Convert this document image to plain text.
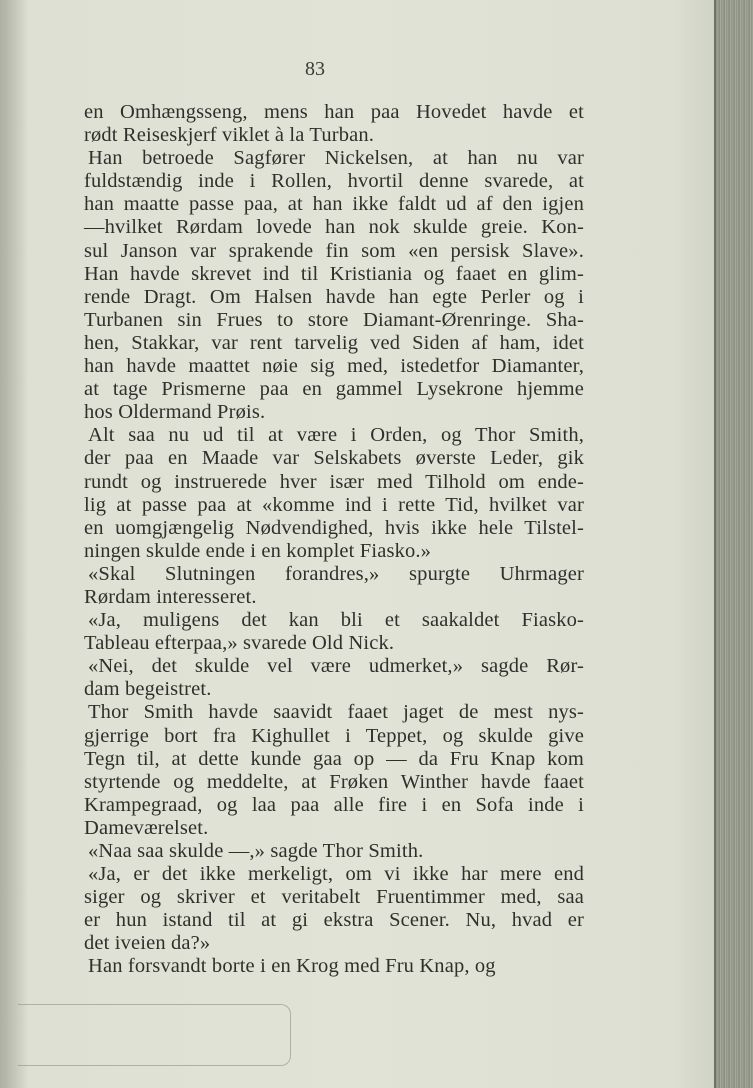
83

en Omhængsseng, mens han paa Hovedet havde et
rødt Reiseskjerf viklet à la Turban.

Han betroede Sagfører Nickelsen, at han nu var
fuldstændig inde i Rollen, hvortil denne svarede, at
han maatte passe paa, at han ikke faldt ud af den igjen
—hvilket Rørdam lovede han nok skulde greie. Kon-
sul Janson var sprakende fin som «en persisk Slave».
Han havde skrevet ind til Kristiania og faaet en glim-
rende Dragt. Om Halsen havde han egte Perler og i
Turbanen sin Frues to store Diamant-Ørenringe. Sha-
hen, Stakkar, var rent tarvelig ved Siden af ham, idet
han havde maattet nøie sig med, istedetfor Diamanter,
at tage Prismerne paa en gammel Lysekrone hjemme
hos Oldermand Prøis.

Alt saa nu ud til at være i Orden, og Thor Smith,
der paa en Maade var Selskabets øverste Leder, gik
rundt og instruerede hver især med Tilhold om ende-
lig at passe paa at «komme ind i rette Tid, hvilket var
en uomgjængelig Nødvendighed, hvis ikke hele Tilstel-
ningen skulde ende i en komplet Fiasko.»

«Skal Slutningen forandres,» spurgte Uhrmager
Rørdam interesseret.

«Ja, muligens det kan bli et saakaldet Fiasko-
Tableau efterpaa,» svarede Old Nick.

«Nei, det skulde vel være udmerket,» sagde Rør-
dam begeistret.

Thor Smith havde saavidt faaet jaget de mest nys-
gjerrige bort fra Kighullet i Teppet, og skulde give
Tegn til, at dette kunde gaa op — da Fru Knap kom
styrtende og meddelte, at Frøken Winther havde faaet
Krampegraad, og laa paa alle fire i en Sofa inde i
Dameværelset.

«Naa saa skulde —,» sagde Thor Smith.

«Ja, er det ikke merkeligt, om vi ikke har mere end
siger og skriver et veritabelt Fruentimmer med, saa
er hun istand til at gi ekstra Scener. Nu, hvad er
det iveien da?»

Han forsvandt borte i en Krog med Fru Knap, og
